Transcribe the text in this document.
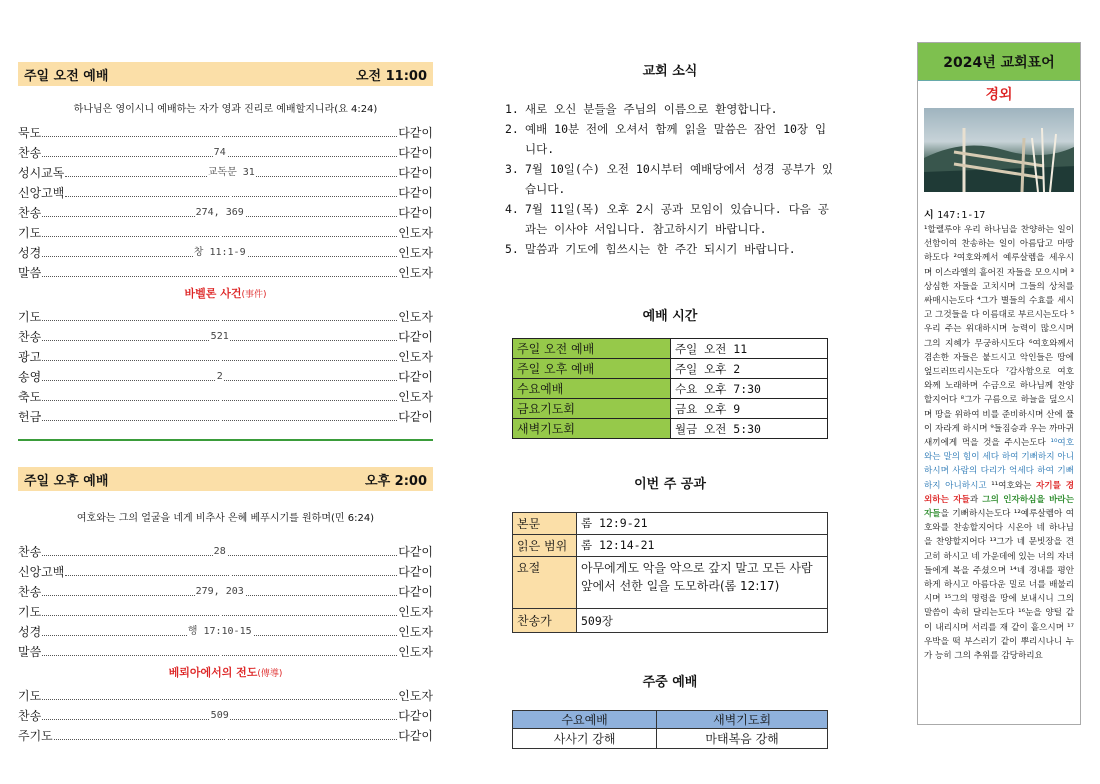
주일 오전 예배	오전 11:00
하나님은 영이시니 예배하는 자가 영과 진리로 예배할지니라(요 4:24)
묵도	다같이
찬송	74	다같이
성시교독	교독문 31	다같이
신앙고백	다같이
찬송	274, 369	다같이
기도	인도자
성경	창 11:1-9	인도자
말씀	인도자
바벨론 사건(事件)
기도	인도자
찬송	521	다같이
광고	인도자
송영	2	다같이
축도	인도자
헌금	다같이
주일 오후 예배	오후 2:00
여호와는 그의 얼굴을 네게 비추사 은혜 베푸시기를 원하며(민 6:24)
찬송	28	다같이
신앙고백	다같이
찬송	279, 203	다같이
기도	인도자
성경	행 17:10-15	인도자
말씀	인도자
베뢰아에서의 전도(傳導)
기도	인도자
찬송	509	다같이
주기도	다같이
교회 소식
1. 새로 오신 분들을 주님의 이름으로 환영합니다.
2. 예배 10분 전에 오셔서 함께 읽을 말씀은 잠언 10장 입니다.
3. 7월 10일(수) 오전 10시부터 예배당에서 성경 공부가 있습니다.
4. 7월 11일(목) 오후 2시 공과 모임이 있습니다. 다음 공과는 이사야 서입니다. 참고하시기 바랍니다.
5. 말씀과 기도에 힘쓰시는 한 주간 되시기 바랍니다.
예배 시간
주일 오전 예배	주일 오전 11
주일 오후 예배	주일 오후 2
수요예배	수요 오후 7:30
금요기도회	금요 오후 9
새벽기도회	월금 오전 5:30
이번 주 공과
본문	롬 12:9-21
읽은 범위	롬 12:14-21
요절	아무에게도 악을 악으로 갚지 말고 모든 사람 앞에서 선한 일을 도모하라(롬 12:17)
찬송가	509장
주중 예배
수요예배	새벽기도회
사사기 강해	마태복음 강해
2024년 교회표어
경외
시 147:1-17
¹할렐루야 우리 하나님을 찬양하는 일이 선함이여 찬송하는 일이 아름답고 마땅하도다 ²여호와께서 예루살렘을 세우시며 이스라엘의 흩어진 자들을 모으시며 ³상심한 자들을 고치시며 그들의 상처를 싸매시는도다 ⁴그가 별들의 수효를 세시고 그것들을 다 이름대로 부르시는도다 ⁵우리 주는 위대하시며 능력이 많으시며 그의 지혜가 무궁하시도다 ⁶여호와께서 겸손한 자들은 붙드시고 악인들은 땅에 엎드러뜨리시는도다 ⁷감사함으로 여호와께 노래하며 수금으로 하나님께 찬양할지어다 ⁸그가 구름으로 하늘을 덮으시며 땅을 위하여 비를 준비하시며 산에 풀이 자라게 하시며 ⁹들짐승과 우는 까마귀 새끼에게 먹을 것을 주시는도다 ¹⁰여호와는 말의 힘이 세다 하여 기뻐하지 아니하시며 사람의 다리가 억세다 하여 기뻐하지 아니하시고 ¹¹여호와는 자기를 경외하는 자들과 그의 인자하심을 바라는 자들을 기뻐하시는도다 ¹²예루살렘아 여호와를 찬송할지어다 시온아 네 하나님을 찬양할지어다 ¹³그가 네 문빗장을 견고히 하시고 네 가운데에 있는 너의 자녀들에게 복을 주셨으며 ¹⁴네 경내를 평안하게 하시고 아름다운 밀로 너를 배불리시며 ¹⁵그의 명령을 땅에 보내시니 그의 말씀이 속히 달리는도다 ¹⁶눈을 양털 같이 내리시며 서리를 재 같이 흩으시며 ¹⁷우박을 떡 부스러기 같이 뿌리시나니 누가 능히 그의 추위를 감당하리요
